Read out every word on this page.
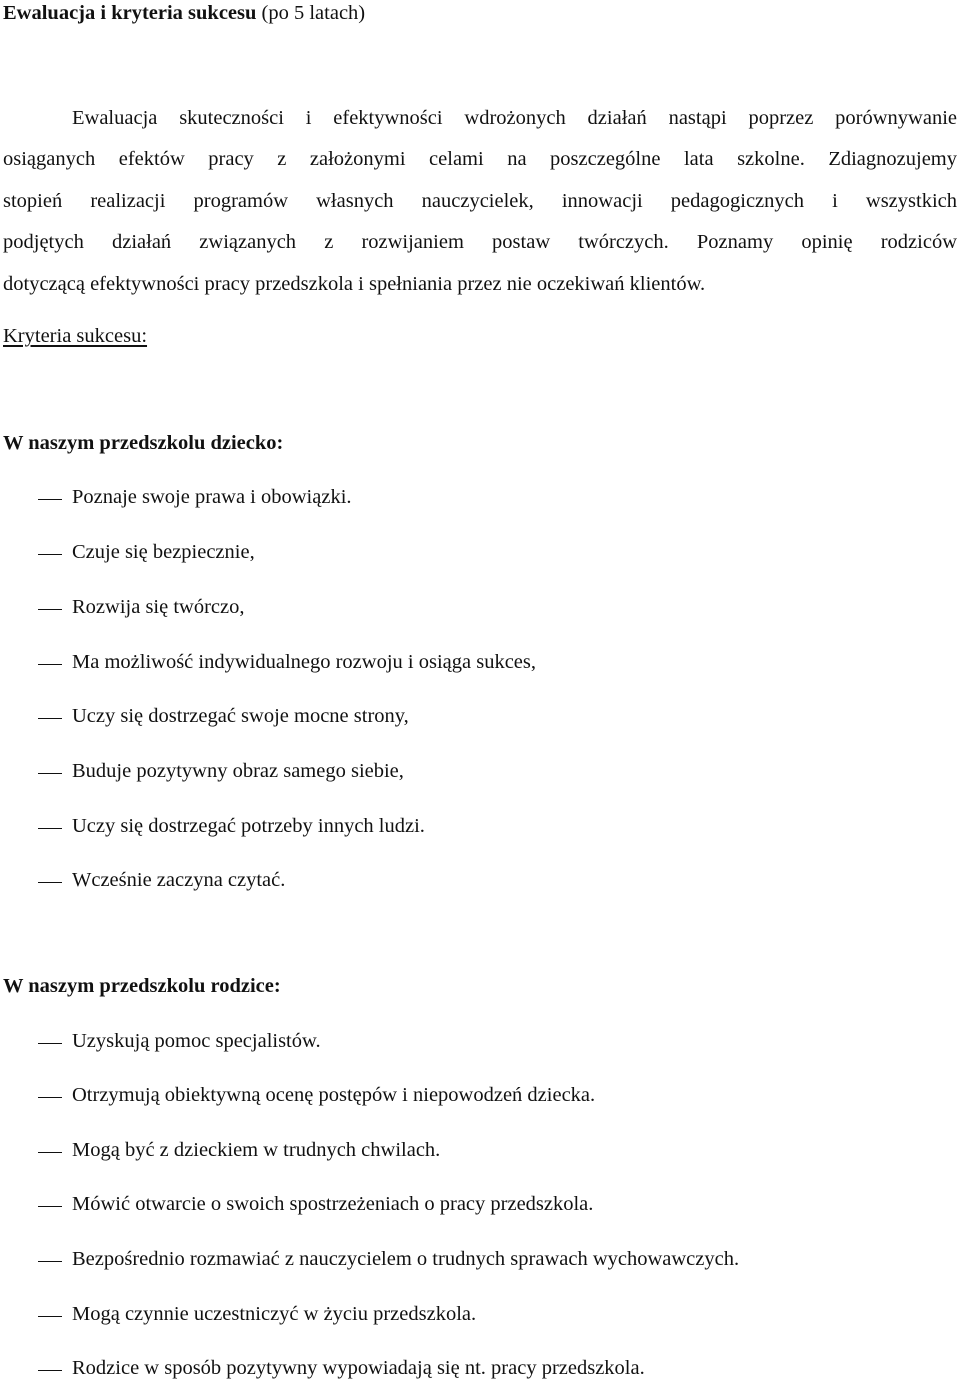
Ewaluacja i kryteria sukcesu (po 5 latach)
Ewaluacja skuteczności i efektywności wdrożonych działań nastąpi poprzez porównywanie
osiąganych efektów pracy z założonymi celami na poszczególne lata szkolne. Zdiagnozujemy
stopień realizacji programów własnych nauczycielek, innowacji pedagogicznych i wszystkich
podjętych działań związanych z rozwijaniem postaw twórczych. Poznamy opinię rodziców
dotyczącą efektywności pracy przedszkola i spełniania przez nie oczekiwań klientów.
Kryteria sukcesu:
W naszym przedszkolu dziecko:
Poznaje swoje prawa i obowiązki.
Czuje się bezpiecznie,
Rozwija się twórczo,
Ma możliwość indywidualnego rozwoju i osiąga sukces,
Uczy się dostrzegać swoje mocne strony,
Buduje pozytywny obraz samego siebie,
Uczy się dostrzegać potrzeby innych ludzi.
Wcześnie zaczyna czytać.
W naszym przedszkolu rodzice:
Uzyskują pomoc specjalistów.
Otrzymują obiektywną ocenę postępów i niepowodzeń dziecka.
Mogą być z dzieckiem w trudnych chwilach.
Mówić otwarcie o swoich spostrzeżeniach o pracy przedszkola.
Bezpośrednio rozmawiać z nauczycielem o trudnych sprawach wychowawczych.
Mogą czynnie uczestniczyć w życiu przedszkola.
Rodzice w sposób pozytywny wypowiadają się nt. pracy przedszkola.
